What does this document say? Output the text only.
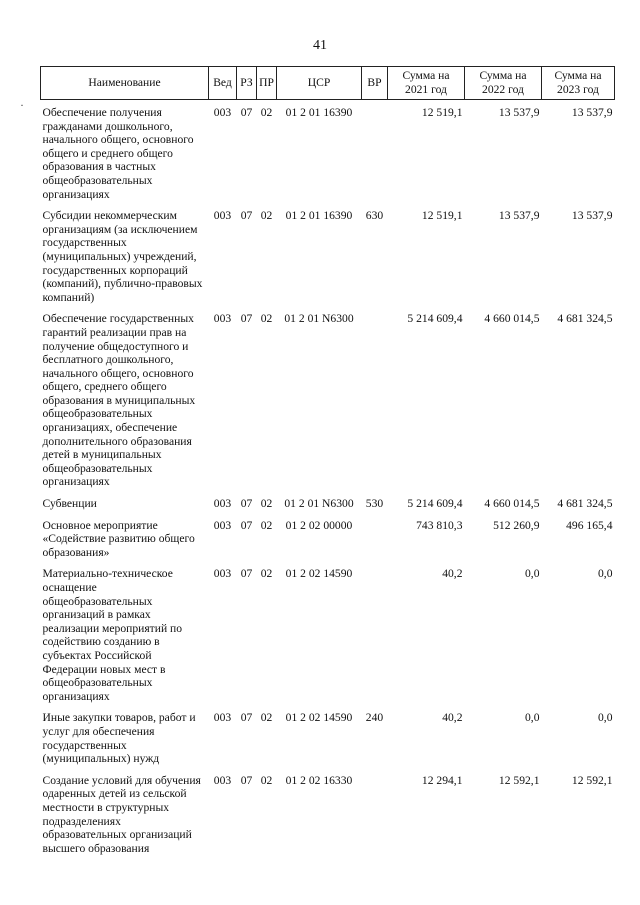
41
·
Наименование	Вед	РЗ	ПР	ЦСР	ВР	Сумма на 2021 год	Сумма на 2022 год	Сумма на 2023 год
Обеспечение получения гражданами дошкольного, начального общего, основного общего и среднего общего образования в частных общеобразовательных организациях	003	07	02	01 2 01 16390		12 519,1	13 537,9	13 537,9
Субсидии некоммерческим организациям (за исключением государственных (муниципальных) учреждений, государственных корпораций (компаний), публично-правовых компаний)	003	07	02	01 2 01 16390	630	12 519,1	13 537,9	13 537,9
Обеспечение государственных гарантий реализации прав на получение общедоступного и бесплатного дошкольного, начального общего, основного общего, среднего общего образования в муниципальных общеобразовательных организациях, обеспечение дополнительного образования детей в муниципальных общеобразовательных организациях	003	07	02	01 2 01 N6300		5 214 609,4	4 660 014,5	4 681 324,5
Субвенции	003	07	02	01 2 01 N6300	530	5 214 609,4	4 660 014,5	4 681 324,5
Основное мероприятие «Содействие развитию общего образования»	003	07	02	01 2 02 00000		743 810,3	512 260,9	496 165,4
Материально-техническое оснащение общеобразовательных организаций в рамках реализации мероприятий по содействию созданию в субъектах Российской Федерации новых мест в общеобразовательных организациях	003	07	02	01 2 02 14590		40,2	0,0	0,0
Иные закупки товаров, работ и услуг для обеспечения государственных (муниципальных) нужд	003	07	02	01 2 02 14590	240	40,2	0,0	0,0
Создание условий для обучения одаренных детей из сельской местности в структурных подразделениях образовательных организаций высшего образования	003	07	02	01 2 02 16330		12 294,1	12 592,1	12 592,1
